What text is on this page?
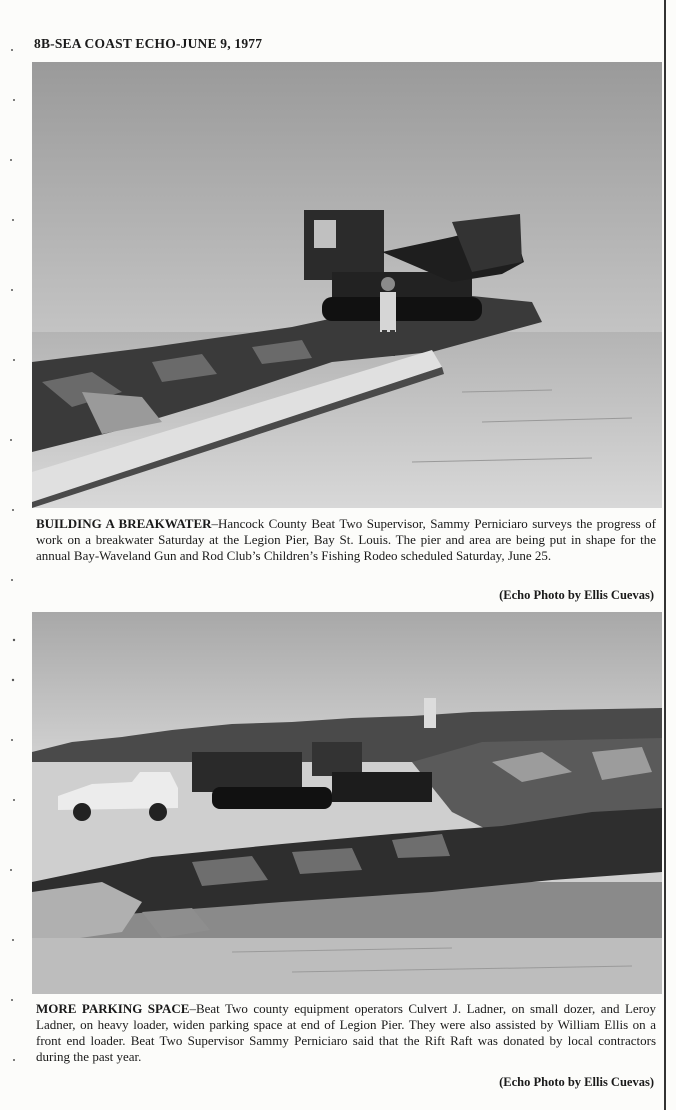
8B-SEA COAST ECHO-JUNE 9, 1977
BUILDING A BREAKWATER–Hancock County Beat Two Supervisor, Sammy Perniciaro surveys the progress of work on a breakwater Saturday at the Legion Pier, Bay St. Louis. The pier and area are being put in shape for the annual Bay-Waveland Gun and Rod Club’s Children’s Fishing Rodeo scheduled Saturday, June 25.
(Echo Photo by Ellis Cuevas)
MORE PARKING SPACE–Beat Two county equipment operators Culvert J. Ladner, on small dozer, and Leroy Ladner, on heavy loader, widen parking space at end of Legion Pier. They were also assisted by William Ellis on a front end loader. Beat Two Supervisor Sammy Perniciaro said that the Rift Raft was donated by local contractors during the past year.
(Echo Photo by Ellis Cuevas)
